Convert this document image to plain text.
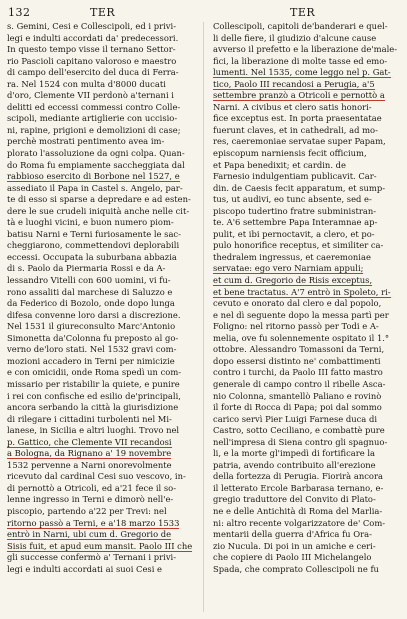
132	TER	TER
s. Gemini, Cesi e Collescipoli, ed i privi-
legi e indulti accordati da' predecessori.
In questo tempo visse il ternano Settor-
rio Pascioli capitano valoroso e maestro
di campo dell'esercito del duca di Ferra-
ra. Nel 1524 con multa d'8000 ducati
d'oro, Clemente VII perdonò a'ternani i
delitti ed eccessi commessi contro Colle-
scipoli, mediante artiglierie con uccisio-
ni, rapine, prigioni e demolizioni di case;
perchè mostrati pentimento avea im-
plorato l'assoluzione da ogni colpa. Quan-
do Roma fu empiamente saccheggiata dal
rabbioso esercito di Borbone nel 1527, e
assediato il Papa in Castel s. Angelo, par-
te di esso si sparse a depredare e ad esten-
dere le sue crudeli iniquità anche nelle cit-
tà e luoghi vicini, e buon numero piom-
batisu Narni e Terni furiosamente le sac-
cheggiarono, commettendovi deplorabili
eccessi. Occupata la suburbana abbazia
di s. Paolo da Piermaria Rossi e da A-
lessandro Vitelli con 600 uomini, vi fu-
rono assaliti dal marchese di Saluzzo e
da Federico di Bozolo, onde dopo lunga
difesa convenne loro darsi a discrezione.
Nel 1531 il giureconsulto Marc'Antonio
Simonetta da'Colonna fu preposto al go-
verno de'loro stati. Nel 1532 gravi com-
mozioni accadero in Terni per nimicizie
e con omicidii, onde Roma spedì un com-
missario per ristabilir la quiete, e punire
i rei con confische ed esilio de'principali,
ancora serbando la città la giurisdizione
di rilegare i cittadini turbolenti nel Mi-
lanese, in Sicilia e altri luoghi. Trovo nel
p. Gattico, che Clemente VII recandosi
a Bologna, da Rignano a' 19 novembre
1532 pervenne a Narni onorevolmente
ricevuto dal cardinal Cesi suo vescovo, in-
di pernottò a Otricoli, ed a'21 fece il so-
lenne ingresso in Terni e dimorò nell'e-
piscopio, partendo a'22 per Trevi: nel
ritorno passò a Terni, e a'18 marzo 1533
entrò in Narni, ubi cum d. Gregorio de
Sisis fuit, et apud eum mansit. Paolo III che
gli successe confermò a' Ternani i privi-
legi e indulti accordati ai suoi Cesi e
Collescipoli, capitoli de'banderari e quel-
li delle fiere, il giudizio d'alcune cause
avverso il prefetto e la liberazione de'male-
fici, la liberazione di molte tasse ed emo-
lumenti. Nel 1535, come leggo nel p. Gat-
tico, Paolo III recandosi a Perugia, a'5
settembre pranzò a Otricoli e pernottò a
Narni. A civibus et clero satis honori-
fice exceptus est. In porta praesentatae
fuerunt claves, et in cathedrali, ad mo-
res, caeremoniae servatae super Papam,
episcopum narniensis fecit officium,
et Papa benedixit; et cardin. de
Farnesio indulgentiam publicavit. Car-
din. de Caesis fecit apparatum, et sump-
tus, ut audivi, eo tunc absente, sed e-
piscopo tudertino fratre subministran-
te. A'6 settembre Papa Interamnae ap-
pulit, et ibi pernoctavit, a clero, et po-
pulo honorifice receptus, et similiter ca-
thedralem ingressus, et caeremoniae
servatae: ego vero Narniam appuli;
et cum d. Gregorio de Risis exceptus,
et bene tractatus. A'7 entrò in Spoleto, ri-
cevuto e onorato dal clero e dal popolo,
e nel dì seguente dopo la messa partì per
Foligno: nel ritorno passò per Todi e A-
melia, ove fu solennemente ospitato il 1.°
ottobre. Alessandro Tomassoni da Terni,
dopo essersi distinto ne' combattimenti
contro i turchi, da Paolo III fatto mastro
generale di campo contro il ribelle Asca-
nio Colonna, smantellò Paliano e rovinò
il forte di Rocca di Papa; poi dal sommo
carico servì Pier Luigi Farnese duca di
Castro, sotto Ceciliano, e combattè pure
nell'impresa di Siena contro gli spagnuo-
li, e la morte gl'impedì di fortificare la
patria, avendo contribuito all'erezione
della fortezza di Perugia. Fiorirà ancora
il letterato Ercole Barbarasa ternano, e-
gregio traduttore del Convito di Plato-
ne e delle Antichità di Roma del Marlia-
ni: altro recente volgarizzatore de' Com-
mentarii della guerra d'Africa fu Ora-
zio Nucula. Di poi in un amiche e ceri-
che copiere di Paolo III Michelangelo
Spada, che comprato Collescipoli ne fu
